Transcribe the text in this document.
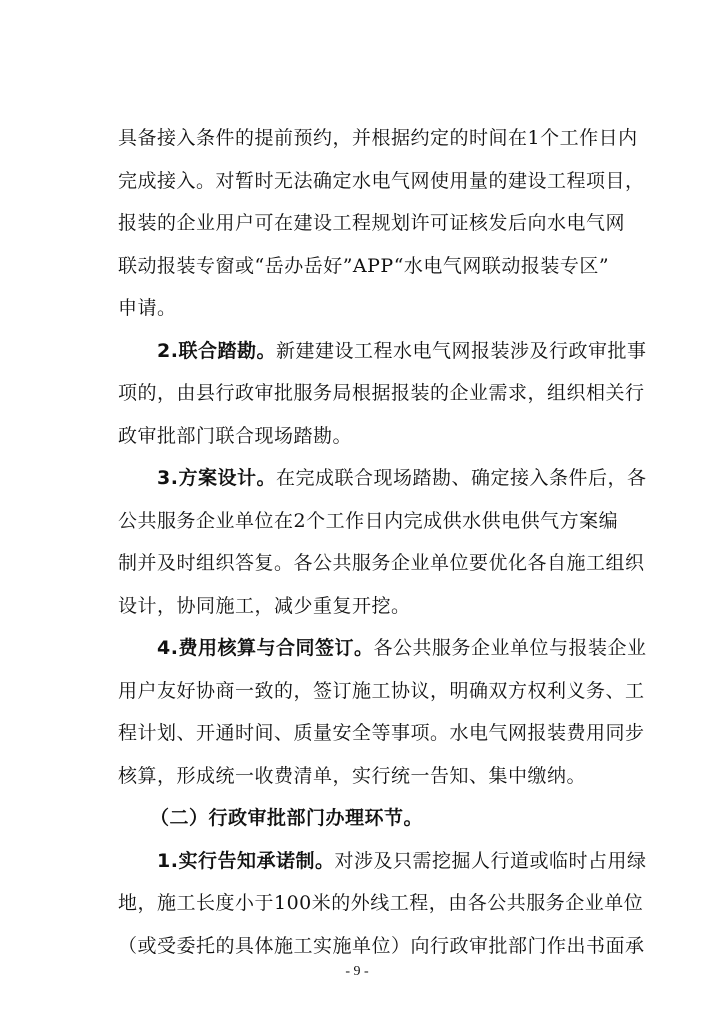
具备接入条件的提前预约，并根据约定的时间在1个工作日内
完成接入。对暂时无法确定水电气网使用量的建设工程项目，
报装的企业用户可在建设工程规划许可证核发后向水电气网
联动报装专窗或“岳办岳好”APP“水电气网联动报装专区”
申请。
2.联合踏勘。新建建设工程水电气网报装涉及行政审批事
项的，由县行政审批服务局根据报装的企业需求，组织相关行
政审批部门联合现场踏勘。
3.方案设计。在完成联合现场踏勘、确定接入条件后，各
公共服务企业单位在2个工作日内完成供水供电供气方案编
制并及时组织答复。各公共服务企业单位要优化各自施工组织
设计，协同施工，减少重复开挖。
4.费用核算与合同签订。各公共服务企业单位与报装企业
用户友好协商一致的，签订施工协议，明确双方权利义务、工
程计划、开通时间、质量安全等事项。水电气网报装费用同步
核算，形成统一收费清单，实行统一告知、集中缴纳。
（二）行政审批部门办理环节。
1.实行告知承诺制。对涉及只需挖掘人行道或临时占用绿
地，施工长度小于100米的外线工程，由各公共服务企业单位
（或受委托的具体施工实施单位）向行政审批部门作出书面承
- 9 -
